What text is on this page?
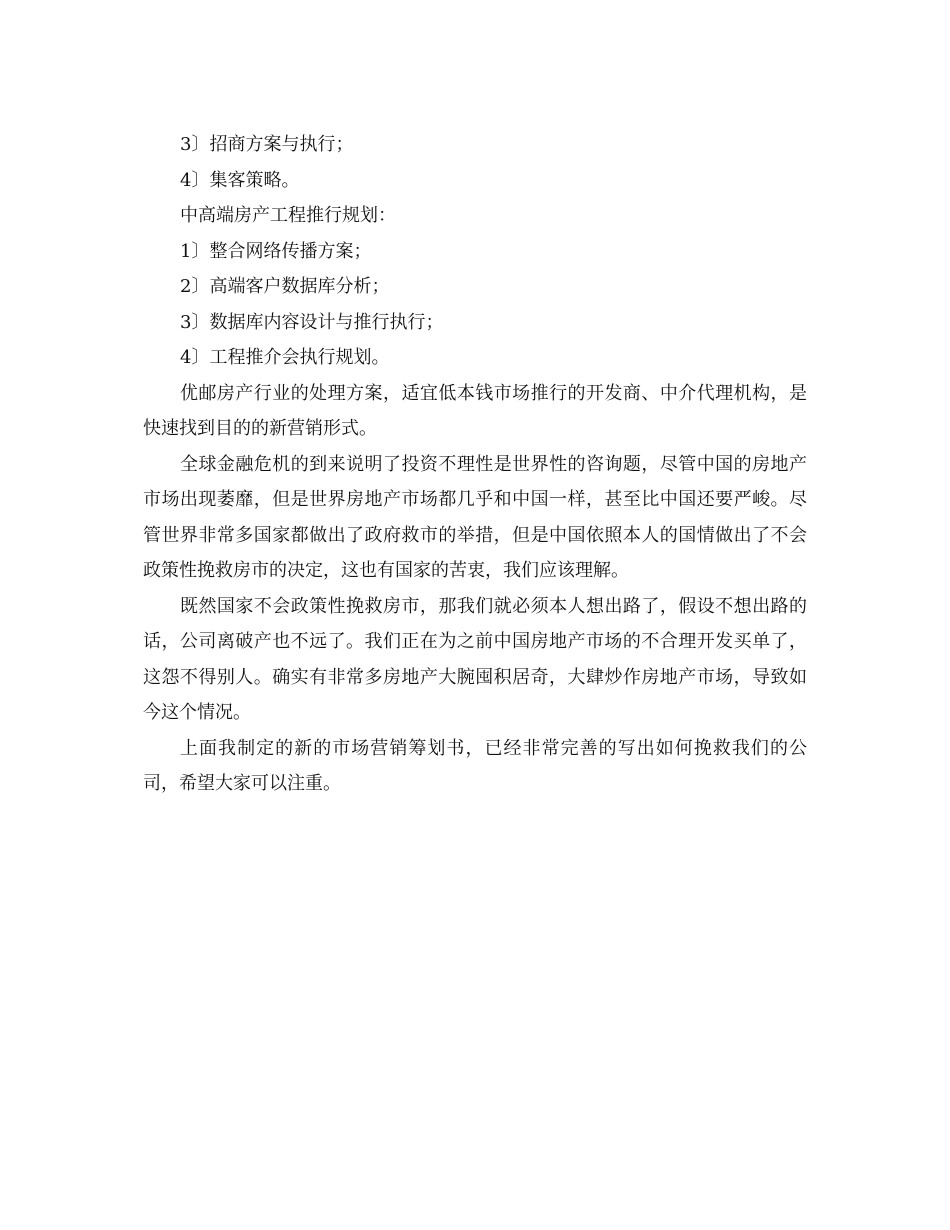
3〕招商方案与执行；

4〕集客策略。

中高端房产工程推行规划：

1〕整合网络传播方案；

2〕高端客户数据库分析；

3〕数据库内容设计与推行执行；

4〕工程推介会执行规划。

优邮房产行业的处理方案，适宜低本钱市场推行的开发商、中介代理机构，是快速找到目的的新营销形式。

全球金融危机的到来说明了投资不理性是世界性的咨询题，尽管中国的房地产市场出现萎靡，但是世界房地产市场都几乎和中国一样，甚至比中国还要严峻。尽管世界非常多国家都做出了政府救市的举措，但是中国依照本人的国情做出了不会政策性挽救房市的决定，这也有国家的苦衷，我们应该理解。

既然国家不会政策性挽救房市，那我们就必须本人想出路了，假设不想出路的话，公司离破产也不远了。我们正在为之前中国房地产市场的不合理开发买单了，这怨不得别人。确实有非常多房地产大腕囤积居奇，大肆炒作房地产市场，导致如今这个情况。

上面我制定的新的市场营销筹划书，已经非常完善的写出如何挽救我们的公司，希望大家可以注重。
